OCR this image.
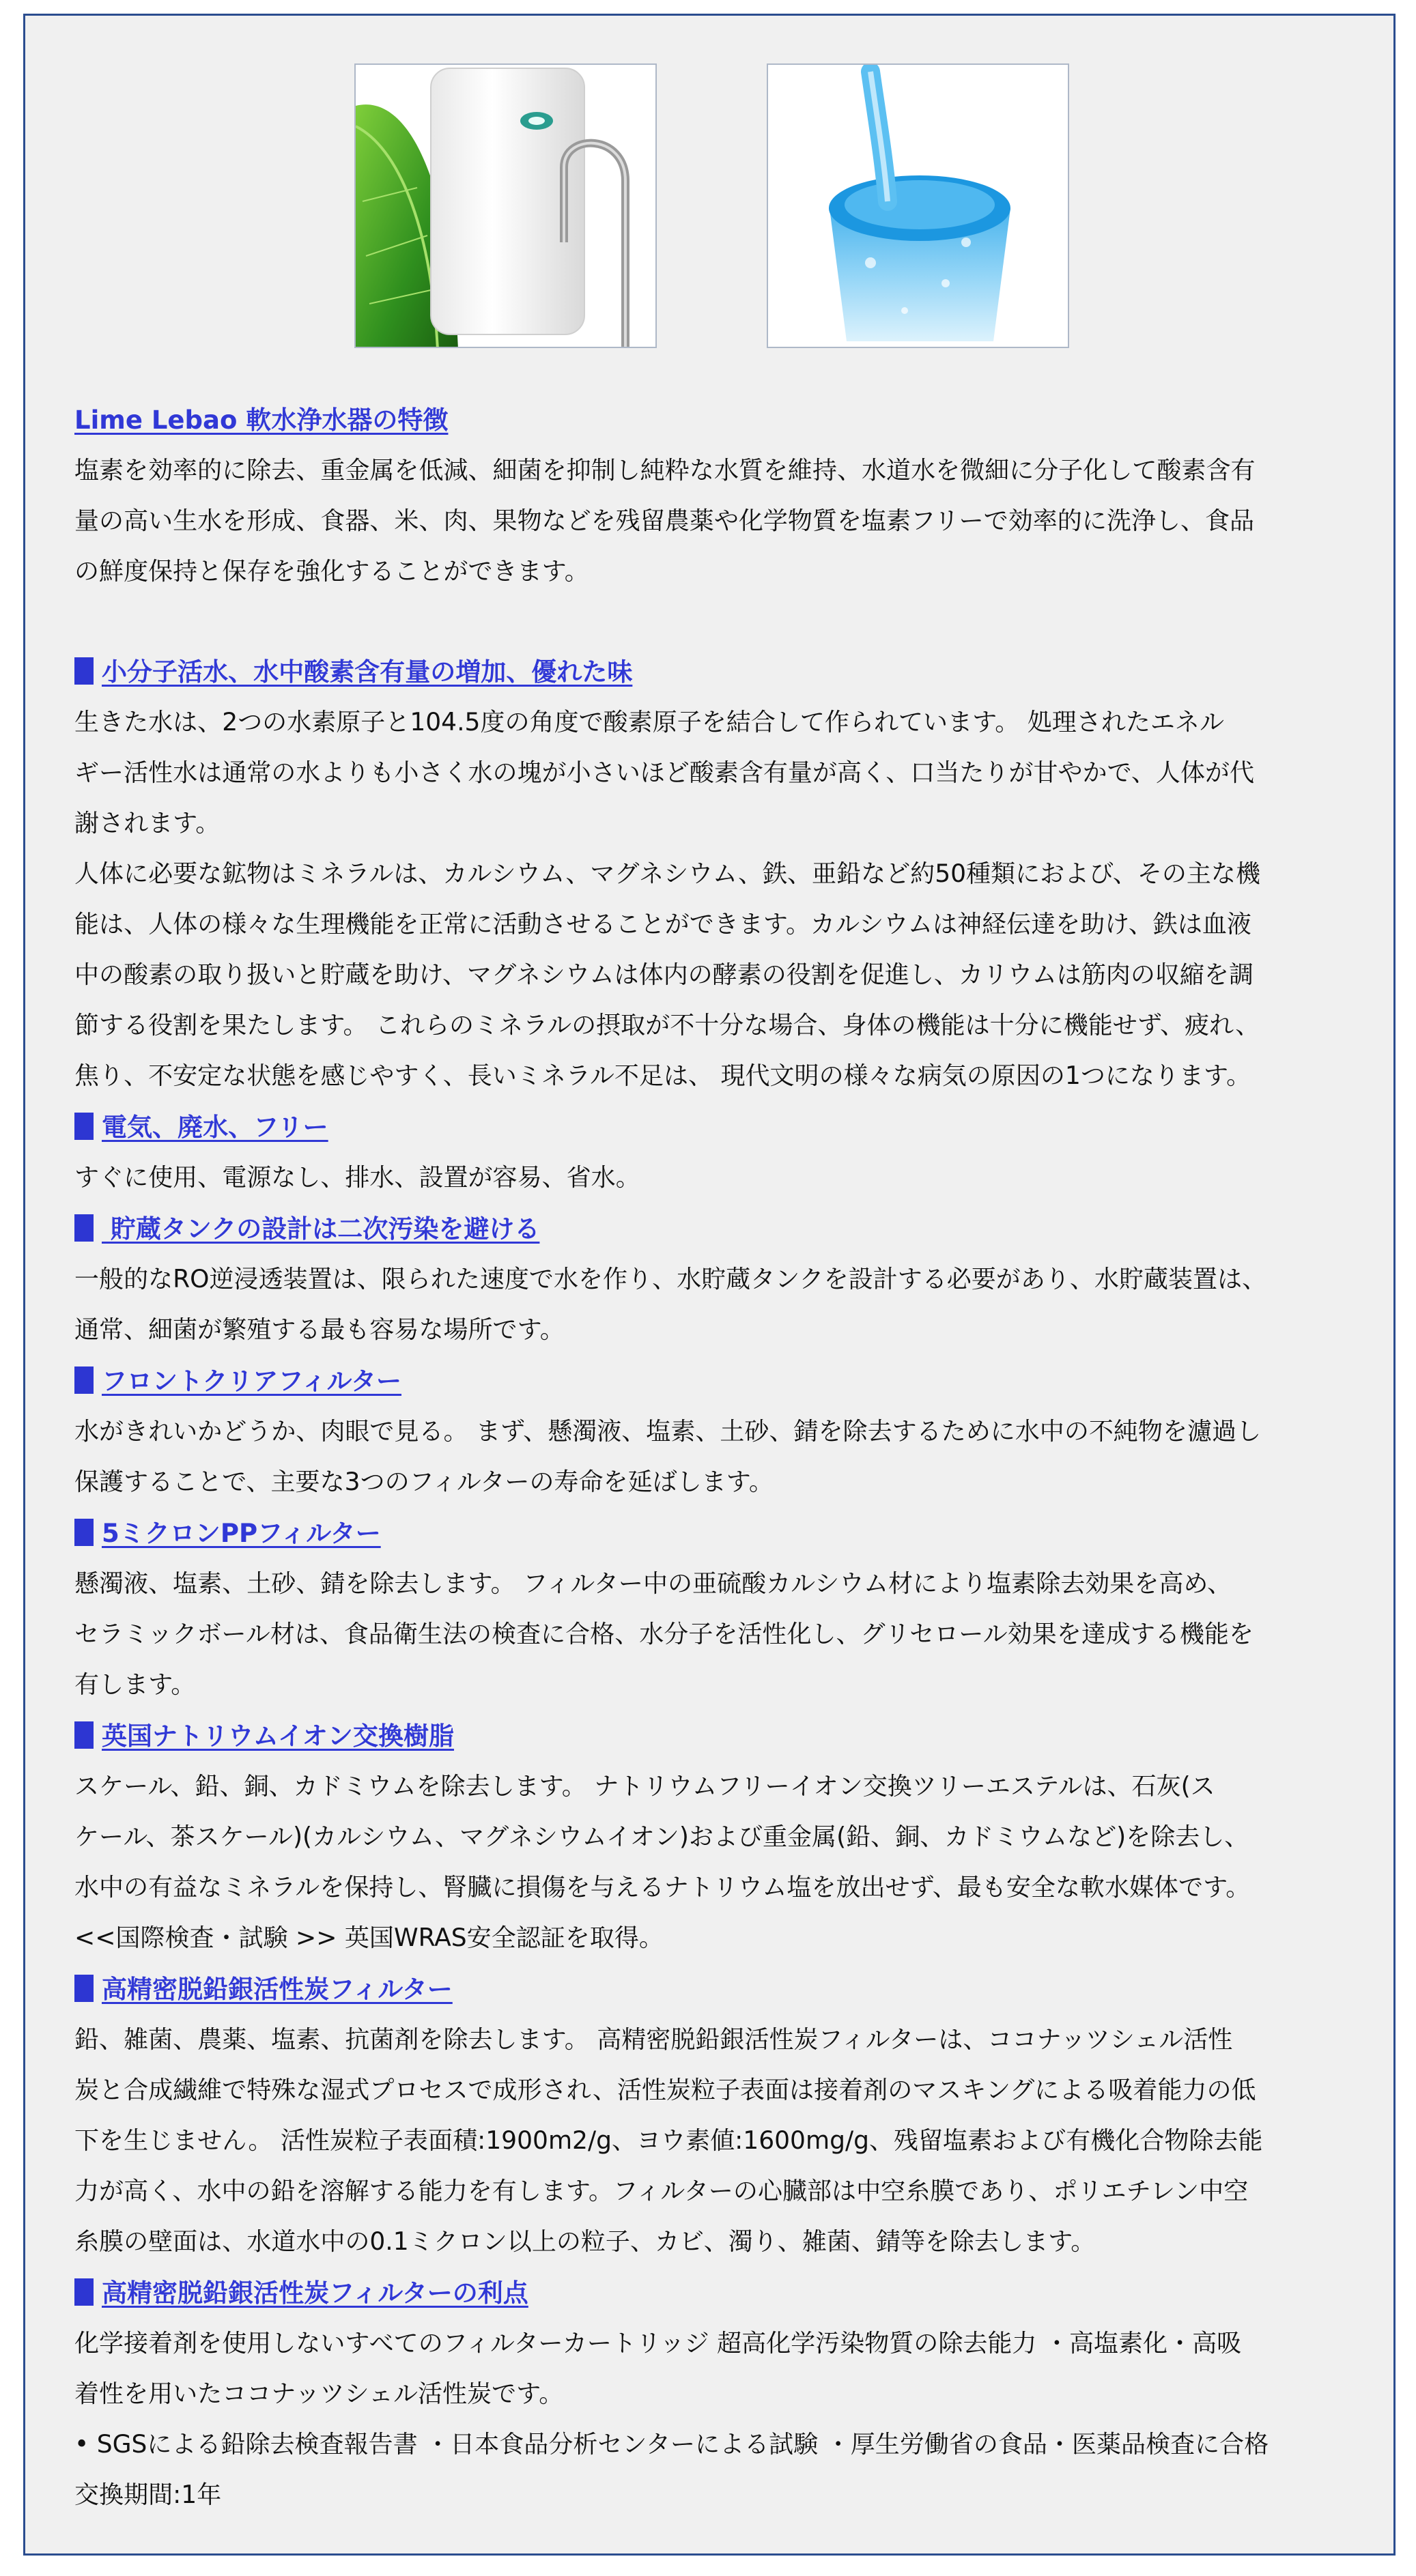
Lime Lebao 軟水浄水器の特徴

塩素を効率的に除去、重金属を低減、細菌を抑制し純粋な水質を維持、水道水を微細に分子化して酸素含有

量の高い生水を形成、食器、米、肉、果物などを残留農薬や化学物質を塩素フリーで効率的に洗浄し、食品

の鮮度保持と保存を強化することができます。

小分子活水、水中酸素含有量の増加、優れた味

生きた水は、2つの水素原子と104.5度の角度で酸素原子を結合して作られています。 処理されたエネル

ギー活性水は通常の水よりも小さく水の塊が小さいほど酸素含有量が高く、口当たりが甘やかで、人体が代

謝されます。

人体に必要な鉱物はミネラルは、カルシウム、マグネシウム、鉄、亜鉛など約50種類におよび、その主な機

能は、人体の様々な生理機能を正常に活動させることができます。カルシウムは神経伝達を助け、鉄は血液

中の酸素の取り扱いと貯蔵を助け、マグネシウムは体内の酵素の役割を促進し、カリウムは筋肉の収縮を調

節する役割を果たします。 これらのミネラルの摂取が不十分な場合、身体の機能は十分に機能せず、疲れ、

焦り、不安定な状態を感じやすく、長いミネラル不足は、 現代文明の様々な病気の原因の1つになります。

電気、廃水、フリー

すぐに使用、電源なし、排水、設置が容易、省水。

貯蔵タンクの設計は二次汚染を避ける

一般的なRO逆浸透装置は、限られた速度で水を作り、水貯蔵タンクを設計する必要があり、水貯蔵装置は、

通常、細菌が繁殖する最も容易な場所です。

フロントクリアフィルター

水がきれいかどうか、肉眼で見る。 まず、懸濁液、塩素、土砂、錆を除去するために水中の不純物を濾過し

保護することで、主要な3つのフィルターの寿命を延ばします。

5ミクロンPPフィルター

懸濁液、塩素、土砂、錆を除去します。 フィルター中の亜硫酸カルシウム材により塩素除去効果を高め、

セラミックボール材は、食品衛生法の検査に合格、水分子を活性化し、グリセロール効果を達成する機能を

有します。

英国ナトリウムイオン交換樹脂

スケール、鉛、銅、カドミウムを除去します。 ナトリウムフリーイオン交換ツリーエステルは、石灰(ス

ケール、茶スケール)(カルシウム、マグネシウムイオン)および重金属(鉛、銅、カドミウムなど)を除去し、

水中の有益なミネラルを保持し、腎臓に損傷を与えるナトリウム塩を放出せず、最も安全な軟水媒体です。

<<国際検査・試験 >> 英国WRAS安全認証を取得。

高精密脱鉛銀活性炭フィルター

鉛、雑菌、農薬、塩素、抗菌剤を除去します。 高精密脱鉛銀活性炭フィルターは、ココナッツシェル活性

炭と合成繊維で特殊な湿式プロセスで成形され、活性炭粒子表面は接着剤のマスキングによる吸着能力の低

下を生じません。 活性炭粒子表面積:1900m2/g、ヨウ素値:1600mg/g、残留塩素および有機化合物除去能

力が高く、水中の鉛を溶解する能力を有します。フィルターの心臓部は中空糸膜であり、ポリエチレン中空

糸膜の壁面は、水道水中の0.1ミクロン以上の粒子、カビ、濁り、雑菌、錆等を除去します。

高精密脱鉛銀活性炭フィルターの利点

化学接着剤を使用しないすべてのフィルターカートリッジ 超高化学汚染物質の除去能力 ・高塩素化・高吸

着性を用いたココナッツシェル活性炭です。

• SGSによる鉛除去検査報告書 ・日本食品分析センターによる試験 ・厚生労働省の食品・医薬品検査に合格

交換期間:1年
